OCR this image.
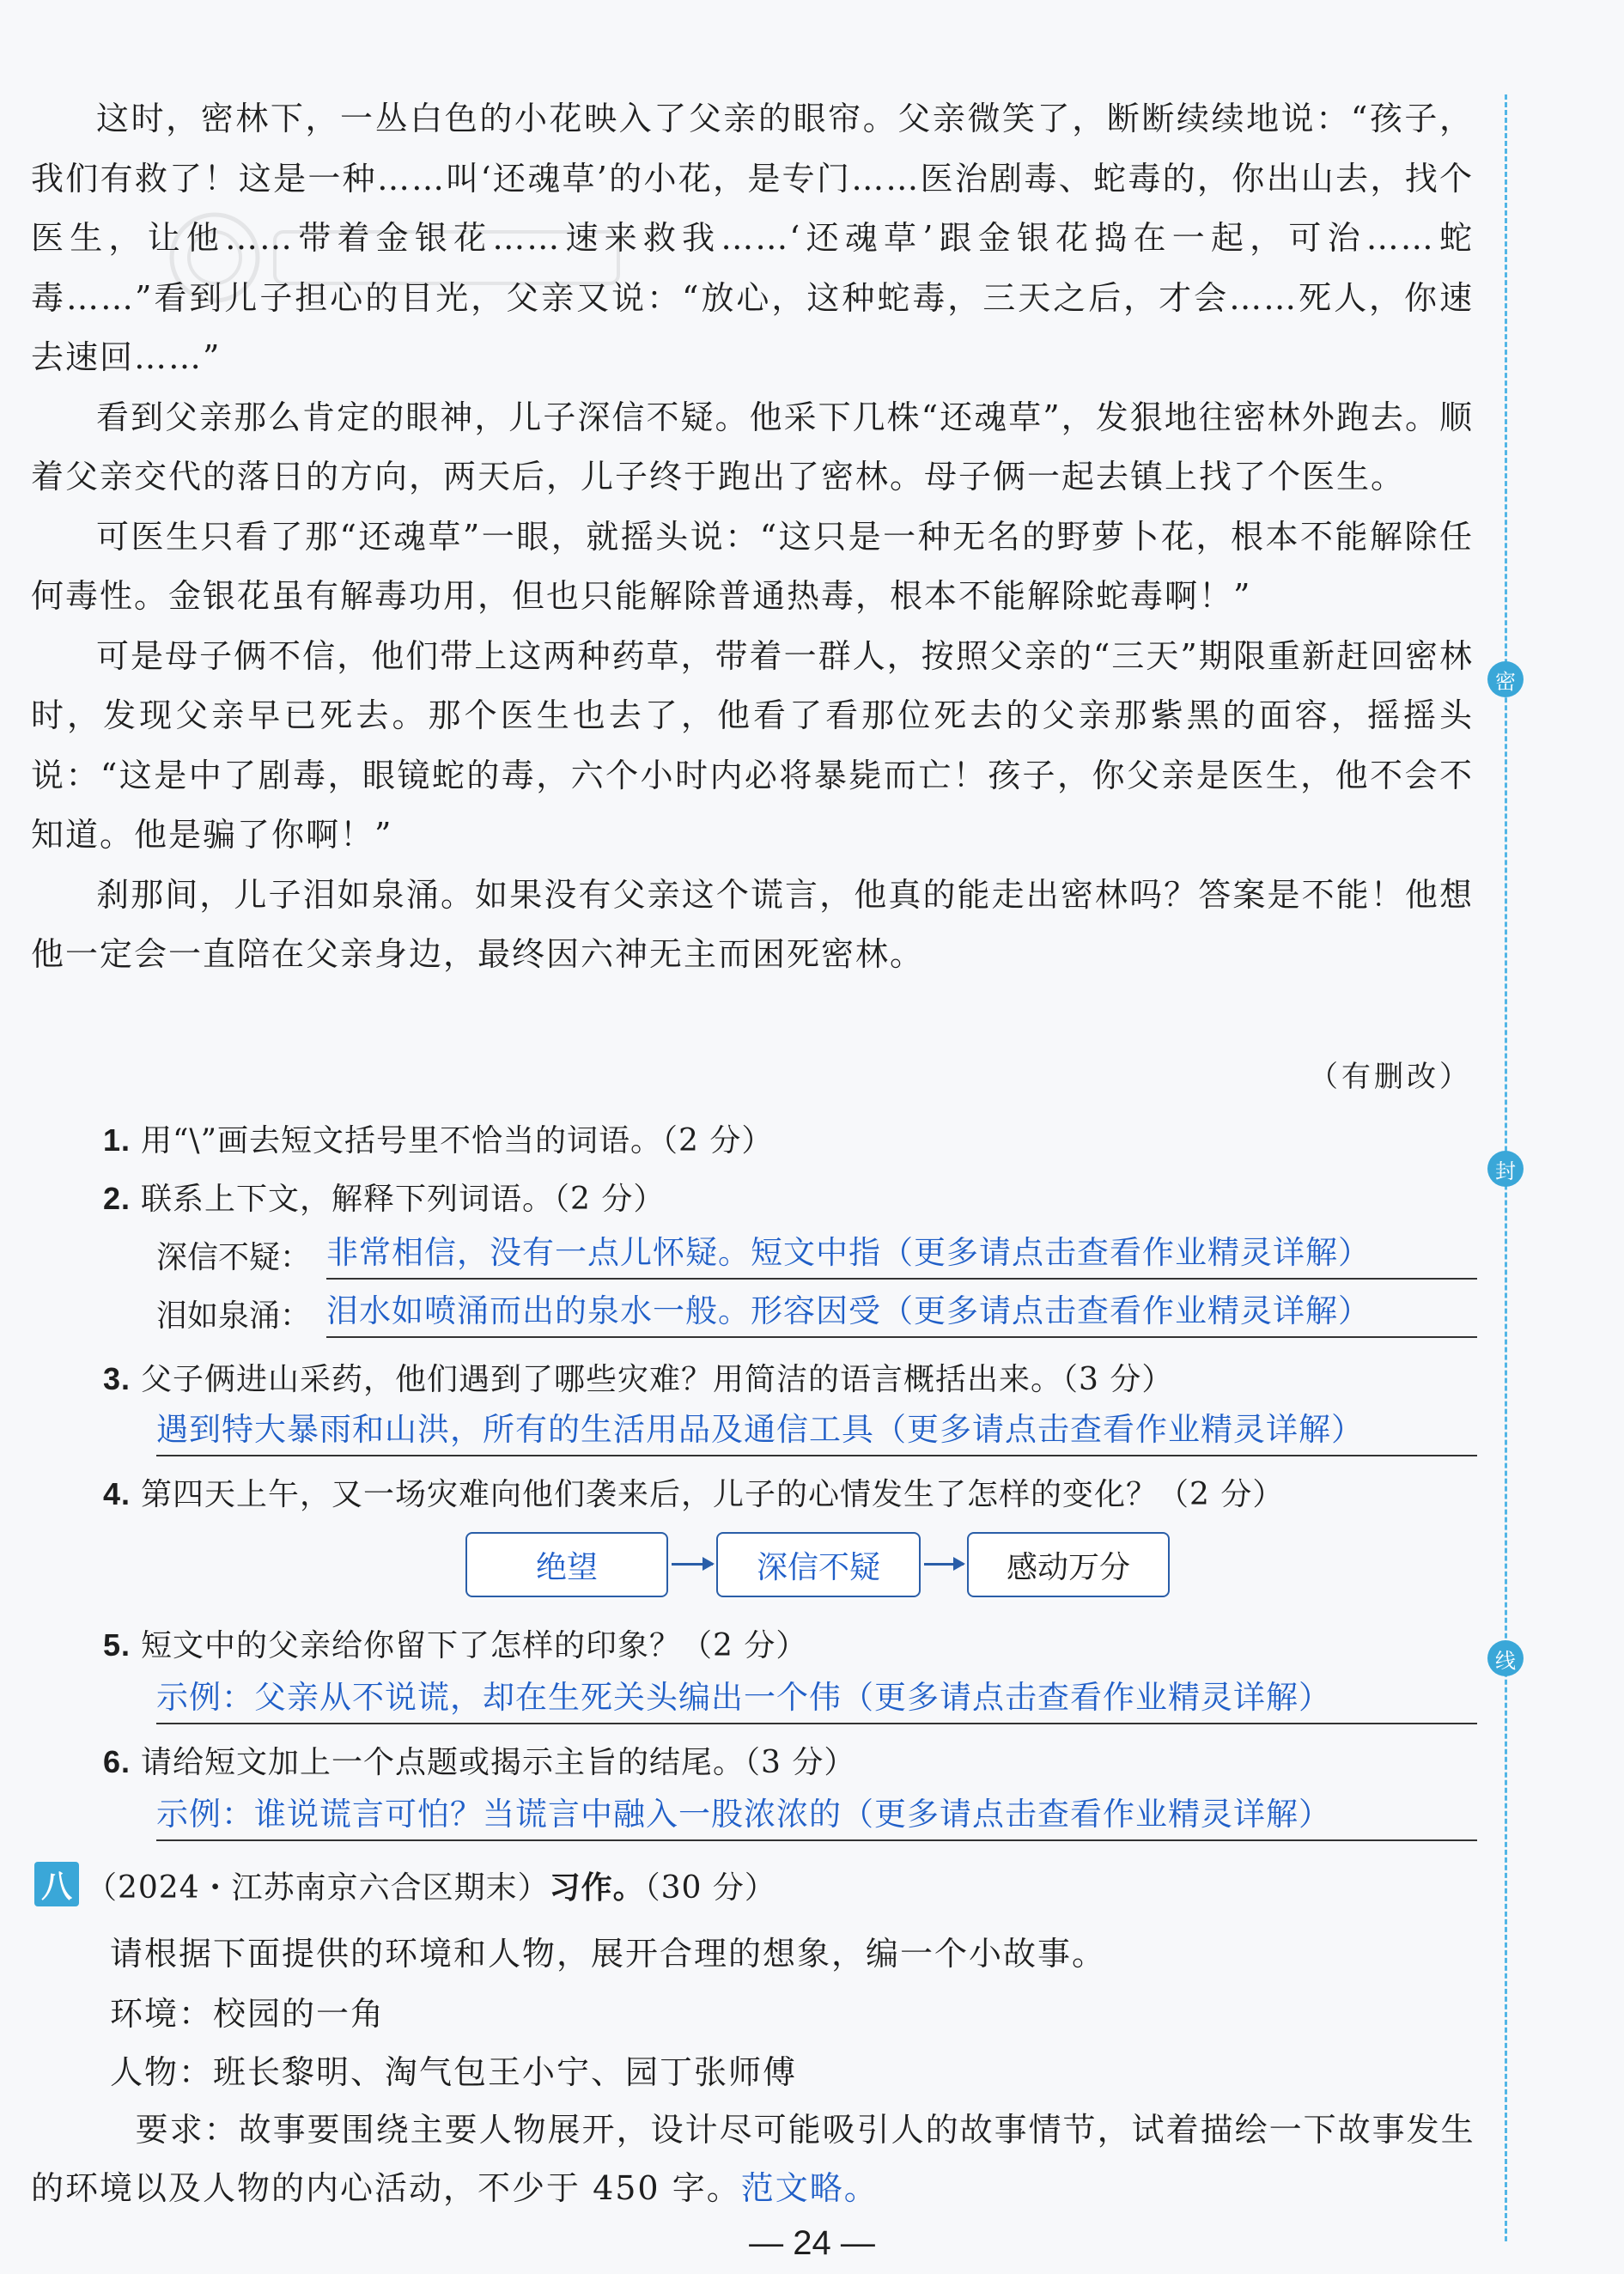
这时，密林下，一丛白色的小花映入了父亲的眼帘。父亲微笑了，断断续续地说：“孩子，我们有救了！这是一种……叫‘还魂草’的小花，是专门……医治剧毒、蛇毒的，你出山去，找个医生，让他……带着金银花……速来救我……‘还魂草’跟金银花捣在一起，可治……蛇毒……”看到儿子担心的目光，父亲又说：“放心，这种蛇毒，三天之后，才会……死人，你速去速回……”

看到父亲那么肯定的眼神，儿子深信不疑。他采下几株“还魂草”，发狠地往密林外跑去。顺着父亲交代的落日的方向，两天后，儿子终于跑出了密林。母子俩一起去镇上找了个医生。

可医生只看了那“还魂草”一眼，就摇头说：“这只是一种无名的野萝卜花，根本不能解除任何毒性。金银花虽有解毒功用，但也只能解除普通热毒，根本不能解除蛇毒啊！”

可是母子俩不信，他们带上这两种药草，带着一群人，按照父亲的“三天”期限重新赶回密林时，发现父亲早已死去。那个医生也去了，他看了看那位死去的父亲那紫黑的面容，摇摇头说：“这是中了剧毒，眼镜蛇的毒，六个小时内必将暴毙而亡！孩子，你父亲是医生，他不会不知道。他是骗了你啊！”

刹那间，儿子泪如泉涌。如果没有父亲这个谎言，他真的能走出密林吗？答案是不能！他想他一定会一直陪在父亲身边，最终因六神无主而困死密林。

（有删改）
1. 用“\”画去短文括号里不恰当的词语。（2 分）
2. 联系上下文，解释下列词语。（2 分）
深信不疑： 非常相信，没有一点儿怀疑。短文中指（更多请点击查看作业精灵详解）
泪如泉涌： 泪水如喷涌而出的泉水一般。形容因受（更多请点击查看作业精灵详解）
3. 父子俩进山采药，他们遇到了哪些灾难？用简洁的语言概括出来。（3 分）
遇到特大暴雨和山洪，所有的生活用品及通信工具（更多请点击查看作业精灵详解）
4. 第四天上午，又一场灾难向他们袭来后，儿子的心情发生了怎样的变化？（2 分）
绝望	深信不疑	感动万分
5. 短文中的父亲给你留下了怎样的印象？（2 分）
示例：父亲从不说谎，却在生死关头编出一个伟（更多请点击查看作业精灵详解）
6. 请给短文加上一个点题或揭示主旨的结尾。（3 分）
示例：谁说谎言可怕？当谎言中融入一股浓浓的（更多请点击查看作业精灵详解）
八 （2024・江苏南京六合区期末）习作。（30 分）
请根据下面提供的环境和人物，展开合理的想象，编一个小故事。
环境：校园的一角
人物：班长黎明、淘气包王小宁、园丁张师傅
要求：故事要围绕主要人物展开，设计尽可能吸引人的故事情节，试着描绘一下故事发生的环境以及人物的内心活动，不少于 450 字。范文略。
— 24 —
密
封
线
